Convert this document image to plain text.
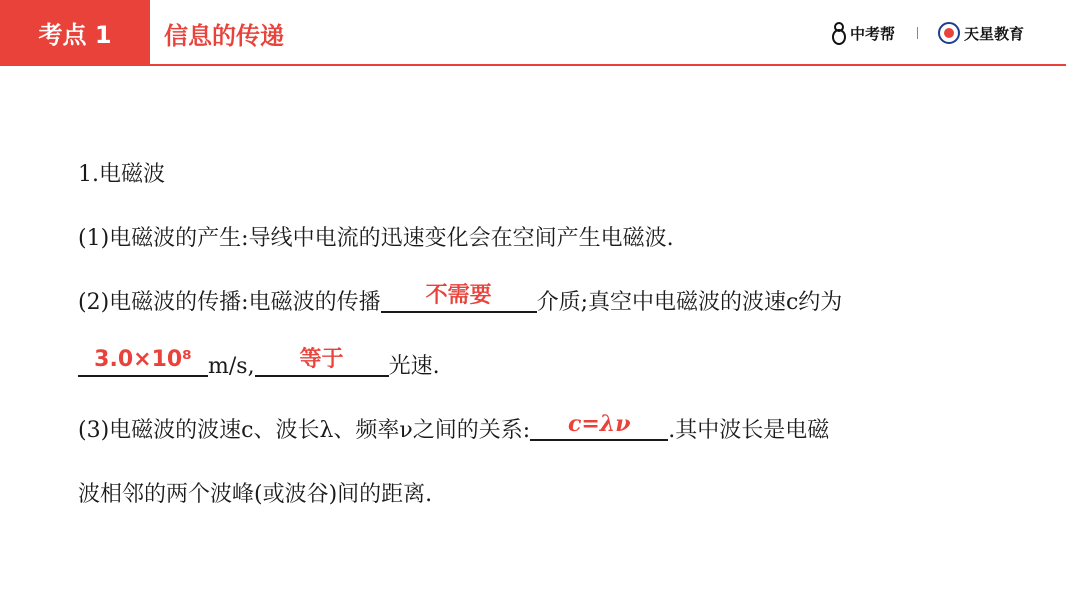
考点 1	信息的传递	中考帮	天星教育
1.电磁波
(1)电磁波的产生:导线中电流的迅速变化会在空间产生电磁波.
(2)电磁波的传播:电磁波的传播	不需要	介质;真空中电磁波的波速c约为
3.0×10⁸ m/s,	等于	光速.
(3)电磁波的波速c、波长λ、频率ν之间的关系:	c=λν	.其中波长是电磁
波相邻的两个波峰(或波谷)间的距离.
